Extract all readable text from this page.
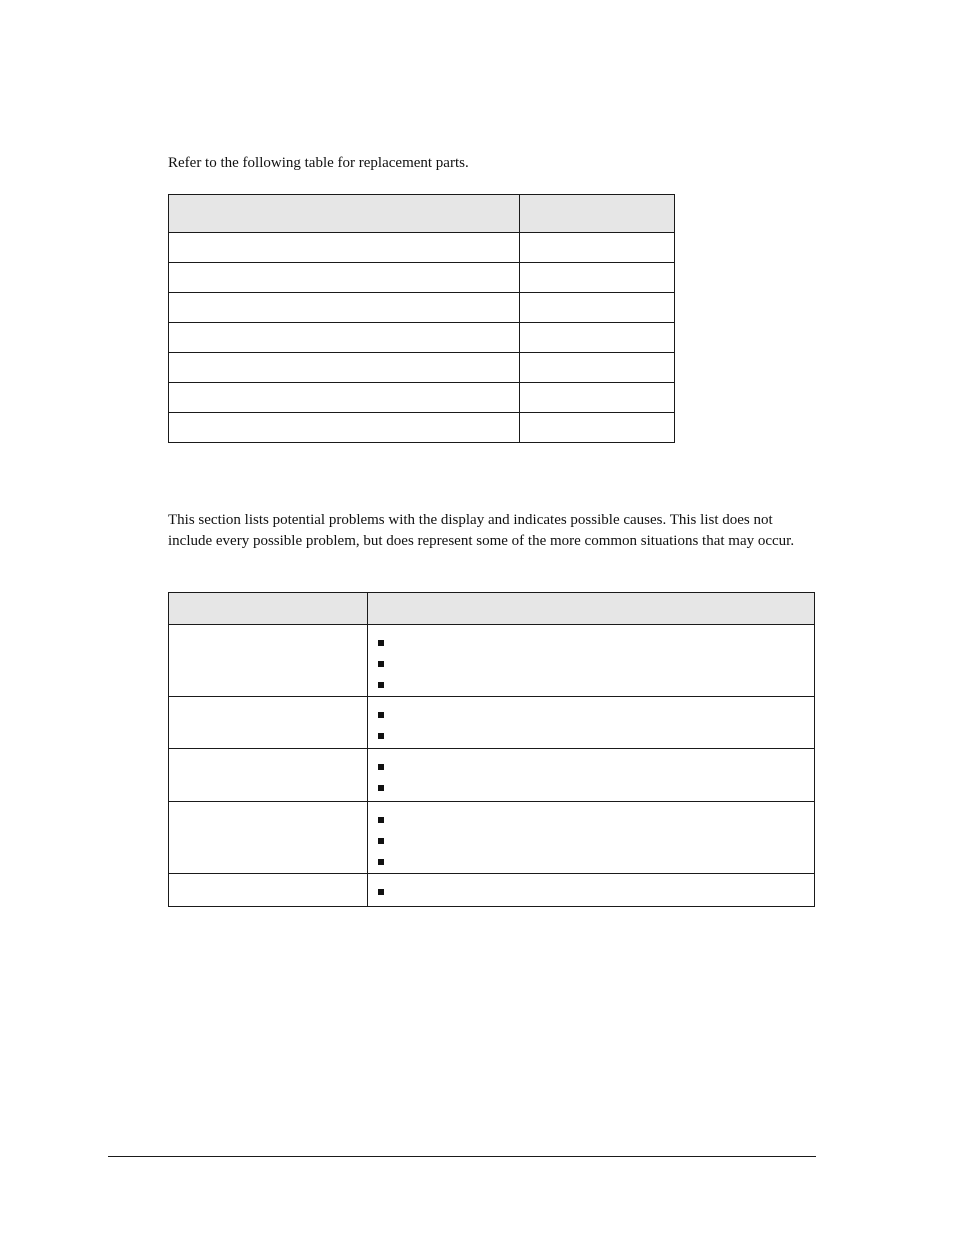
Refer to the following table for replacement parts.

This section lists potential problems with the display and indicates possible causes. This list does not include every possible problem, but does represent some of the more common situations that may occur.
